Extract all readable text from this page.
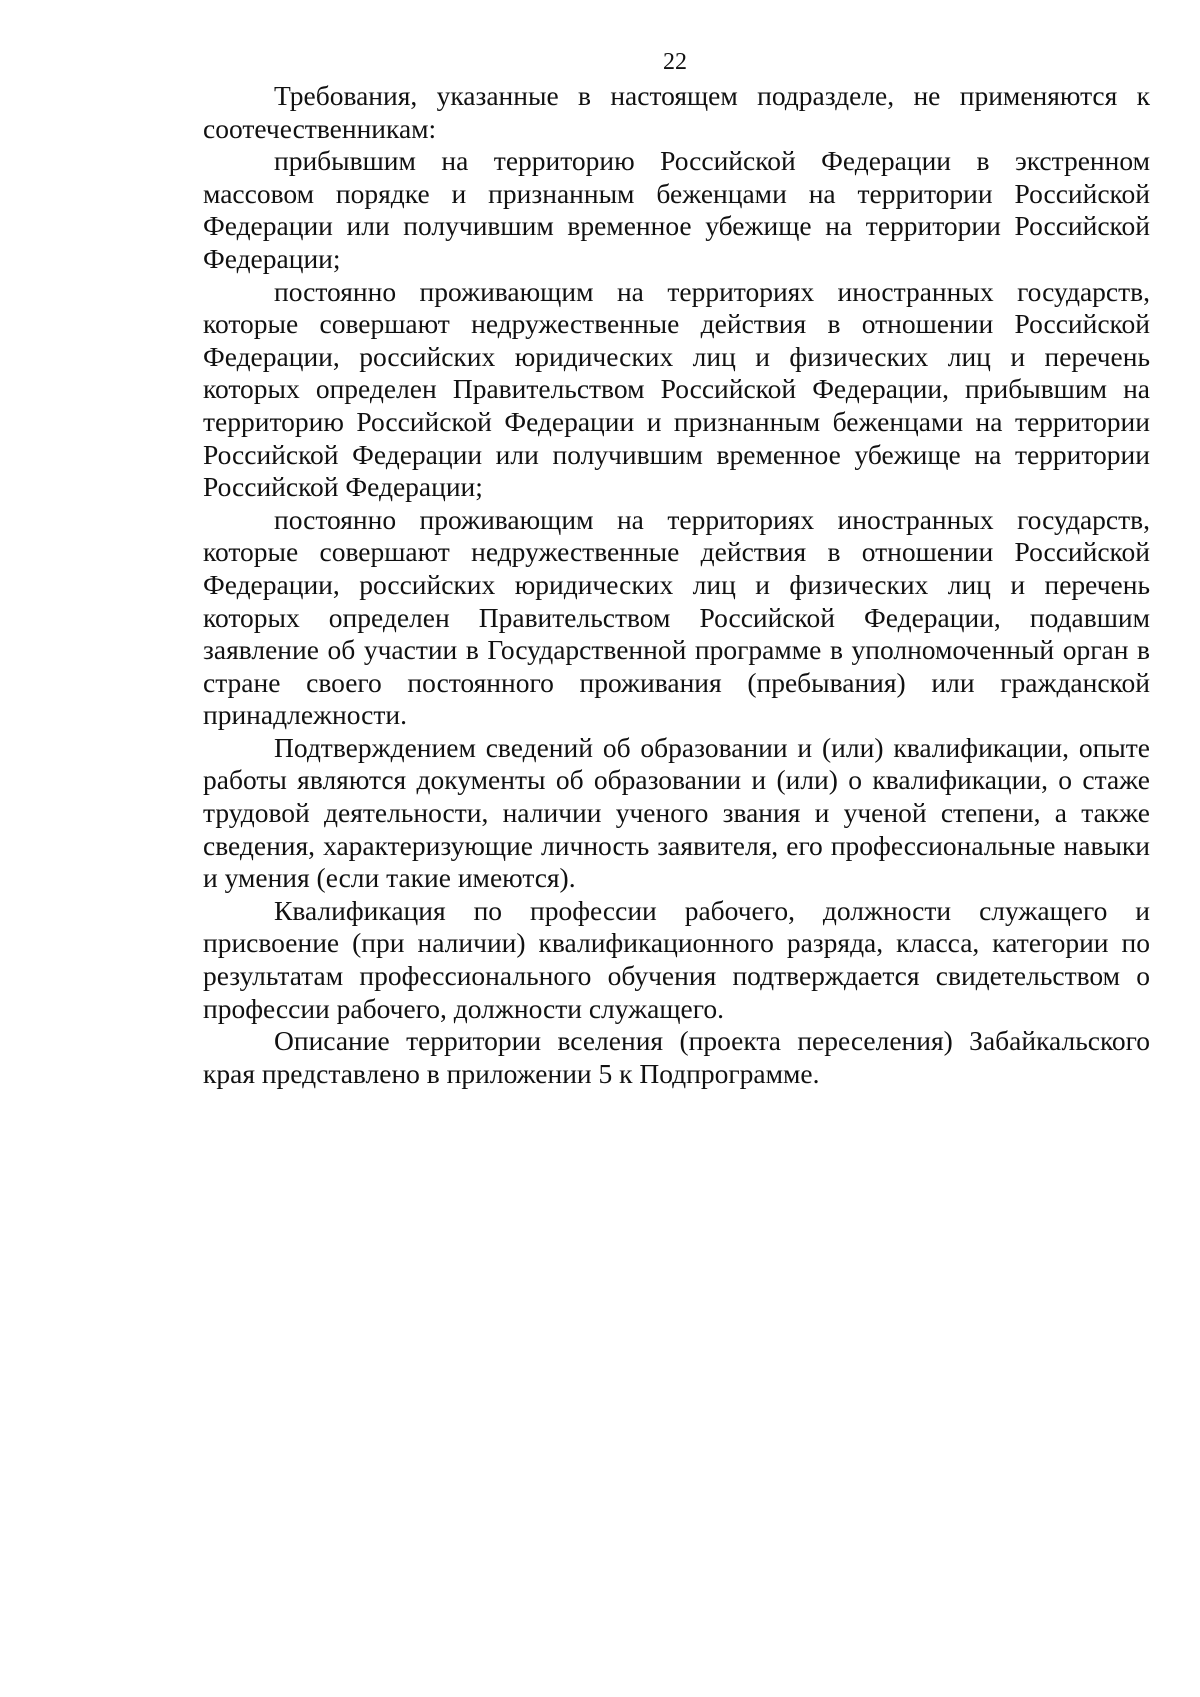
22

Требования, указанные в настоящем подразделе, не применяются к соотечественникам:

прибывшим на территорию Российской Федерации в экстренном массовом порядке и признанным беженцами на территории Российской Федерации или получившим временное убежище на территории Российской Федерации;

постоянно проживающим на территориях иностранных государств, которые совершают недружественные действия в отношении Российской Федерации, российских юридических лиц и физических лиц и перечень которых определен Правительством Российской Федерации, прибывшим на территорию Российской Федерации и признанным беженцами на территории Российской Федерации или получившим временное убежище на территории Российской Федерации;

постоянно проживающим на территориях иностранных государств, которые совершают недружественные действия в отношении Российской Федерации, российских юридических лиц и физических лиц и перечень которых определен Правительством Российской Федерации, подавшим заявление об участии в Государственной программе в уполномоченный орган в стране своего постоянного проживания (пребывания) или гражданской принадлежности.

Подтверждением сведений об образовании и (или) квалификации, опыте работы являются документы об образовании и (или) о квалификации, о стаже трудовой деятельности, наличии ученого звания и ученой степени, а также сведения, характеризующие личность заявителя, его профессиональные навыки и умения (если такие имеются).

Квалификация по профессии рабочего, должности служащего и присвоение (при наличии) квалификационного разряда, класса, категории по результатам профессионального обучения подтверждается свидетельством о профессии рабочего, должности служащего.

Описание территории вселения (проекта переселения) Забайкальского края представлено в приложении 5 к Подпрограмме.
